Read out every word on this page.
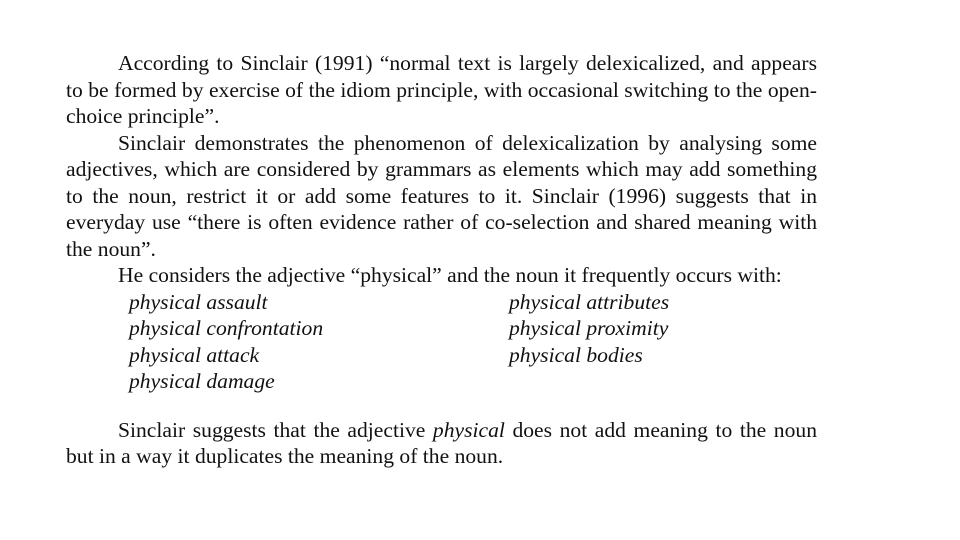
According to Sinclair (1991) “normal text is largely delexicalized, and appears to be formed by exercise of the idiom principle, with occasional switching to the open-choice principle”.

Sinclair demonstrates the phenomenon of delexicalization by analysing some adjectives, which are considered by grammars as elements which may add something to the noun, restrict it or add some features to it. Sinclair (1996) suggests that in everyday use “there is often evidence rather of co-selection and shared meaning with the noun”.

He considers the adjective “physical” and the noun it frequently occurs with:

physical assault
physical confrontation
physical attack
physical damage
physical attributes
physical proximity
physical bodies

Sinclair suggests that the adjective physical does not add meaning to the noun but in a way it duplicates the meaning of the noun.
